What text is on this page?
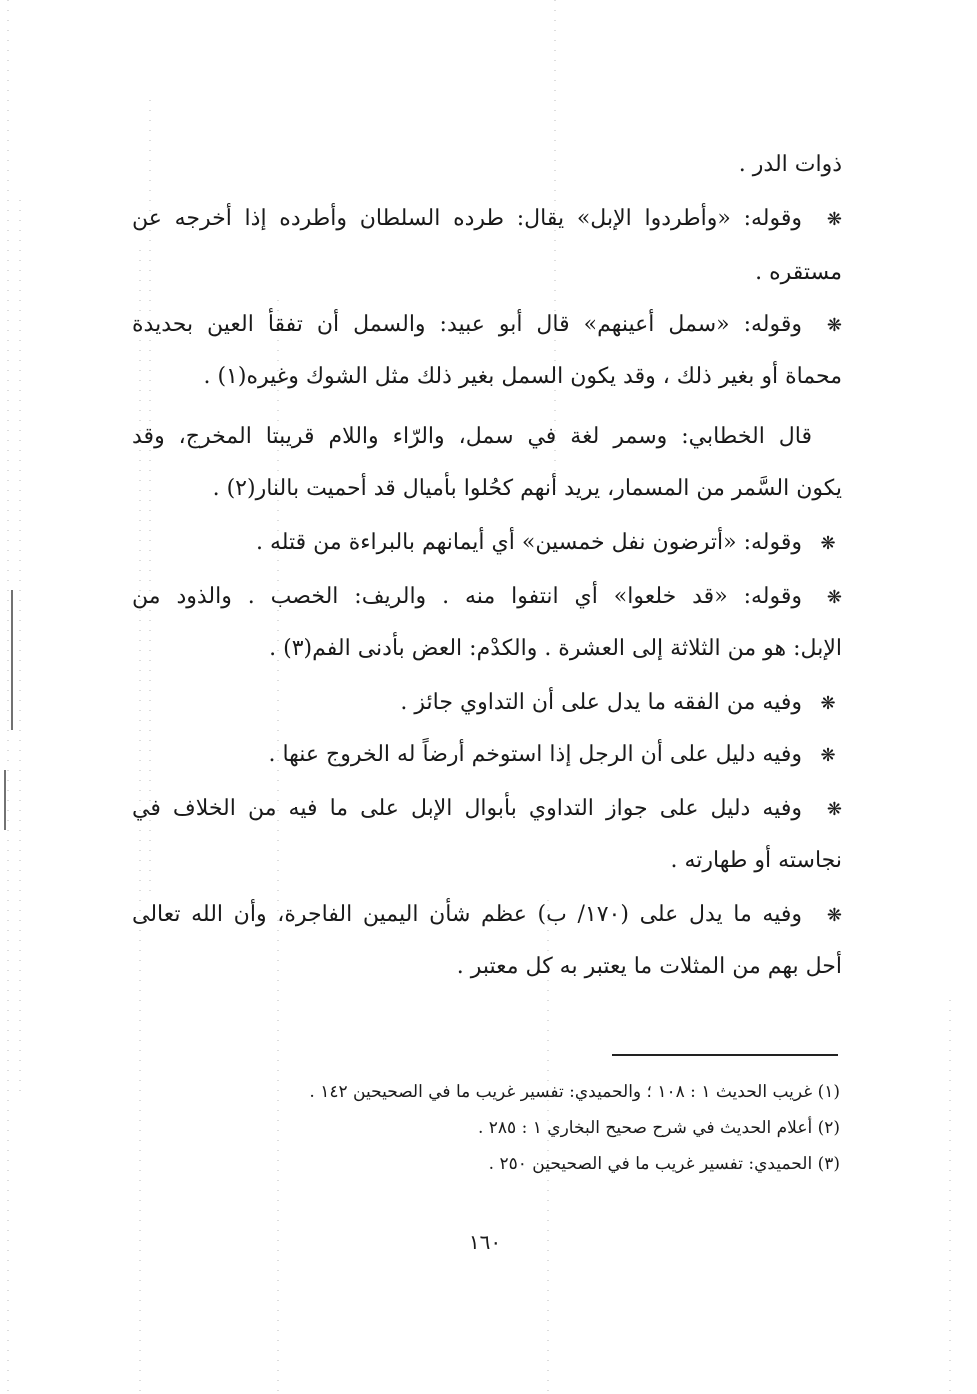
ذوات الدر .
❋وقوله: «وأطردوا الإبل» يقال: طرده السلطان وأطرده إذا أخرجه عن
مستقره .
❋وقوله: «سمل أعينهم» قال أبو عبيد: والسمل أن تفقأ العين بحديدة
محماة أو بغير ذلك ، وقد يكون السمل بغير ذلك مثل الشوك وغيره(١) .
قال الخطابي: وسمر لغة في سمل، والرّاء واللام قريبتا المخرج، وقد
يكون السَّمر من المسمار، يريد أنهم كحُلوا بأميال قد أحميت بالنار(٢) .
❋وقوله: «أترضون نفل خمسين» أي أيمانهم بالبراءة من قتله .
❋وقوله: «قد خلعوا» أي انتفوا منه . والريف: الخصب . والذود من
الإبل: هو من الثلاثة إلى العشرة . والكدْم: العض بأدنى الفم(٣) .
❋وفيه من الفقه ما يدل على أن التداوي جائز .
❋وفيه دليل على أن الرجل إذا استوخم أرضاً له الخروج عنها .
❋وفيه دليل على جواز التداوي بأبوال الإبل على ما فيه من الخلاف في
نجاسته أو طهارته .
❋وفيه ما يدل على (١٧٠/ ب) عظم شأن اليمين الفاجرة، وأن الله تعالى
أحل بهم من المثلات ما يعتبر به كل معتبر .
(١) غريب الحديث ١ : ١٠٨ ؛ والحميدي: تفسير غريب ما في الصحيحين ١٤٢ .
(٢) أعلام الحديث في شرح صحيح البخاري ١ : ٢٨٥ .
(٣) الحميدي: تفسير غريب ما في الصحيحين ٢٥٠ .
١٦٠
